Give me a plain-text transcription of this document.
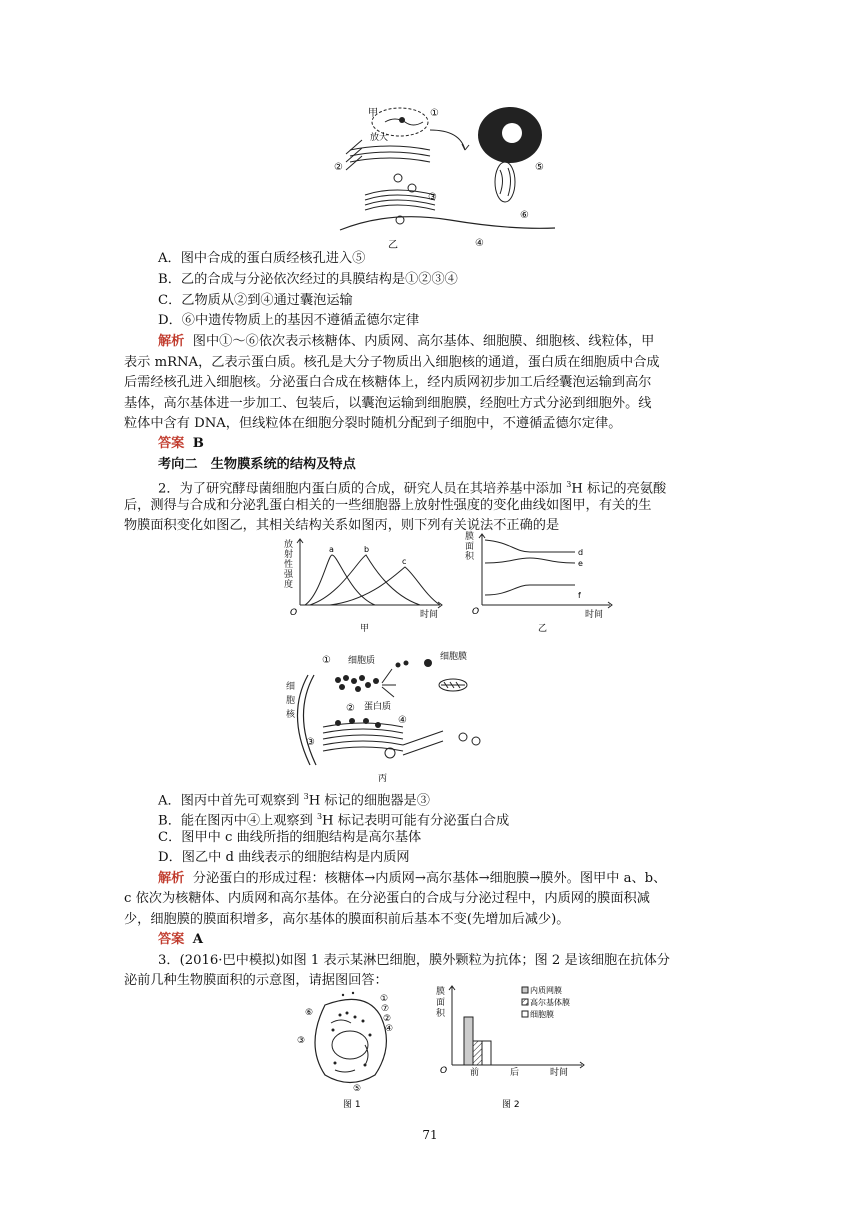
甲	①
放大
②
③
④
⑤
⑥
乙
A．图中合成的蛋白质经核孔进入⑤
B．乙的合成与分泌依次经过的具膜结构是①②③④
C．乙物质从②到④通过囊泡运输
D．⑥中遗传物质上的基因不遵循孟德尔定律
解析 图中①～⑥依次表示核糖体、内质网、高尔基体、细胞膜、细胞核、线粒体，甲
表示 mRNA，乙表示蛋白质。核孔是大分子物质出入细胞核的通道，蛋白质在细胞质中合成
后需经核孔进入细胞核。分泌蛋白合成在核糖体上，经内质网初步加工后经囊泡运输到高尔
基体，高尔基体进一步加工、包装后，以囊泡运输到细胞膜，经胞吐方式分泌到细胞外。线
粒体中含有 DNA，但线粒体在细胞分裂时随机分配到子细胞中，不遵循孟德尔定律。
答案 B
考向二　生物膜系统的结构及特点
2．为了研究酵母菌细胞内蛋白质的合成，研究人员在其培养基中添加 $^3$H 标记的亮氨酸
后，测得与合成和分泌乳蛋白相关的一些细胞器上放射性强度的变化曲线如图甲，有关的生
物膜面积变化如图乙，其相关结构关系如图丙，则下列有关说法不正确的是
a	b
c
O	时间
甲
放射性强度
d
e
f
O	时间
乙
膜面积
① 细胞质	细胞膜
② 蛋白质
④
③
丙
细胞核
A．图丙中首先可观察到 $^3$H 标记的细胞器是③
B．能在图丙中④上观察到 $^3$H 标记表明可能有分泌蛋白合成
C．图甲中 c 曲线所指的细胞结构是高尔基体
D．图乙中 d 曲线表示的细胞结构是内质网
解析 分泌蛋白的形成过程：核糖体→内质网→高尔基体→细胞膜→膜外。图甲中 a、b、
c 依次为核糖体、内质网和高尔基体。在分泌蛋白的合成与分泌过程中，内质网的膜面积减
少，细胞膜的膜面积增多，高尔基体的膜面积前后基本不变(先增加后减少)。
答案 A
3．(2016·巴中模拟)如图 1 表示某淋巴细胞，膜外颗粒为抗体；图 2 是该细胞在抗体分
泌前几种生物膜面积的示意图，请据图回答：
①
②
③
④
⑤
⑥	⑦
图 1
内质网膜
高尔基体膜
细胞膜
O	前	后	时间
图 2
膜面积
71
